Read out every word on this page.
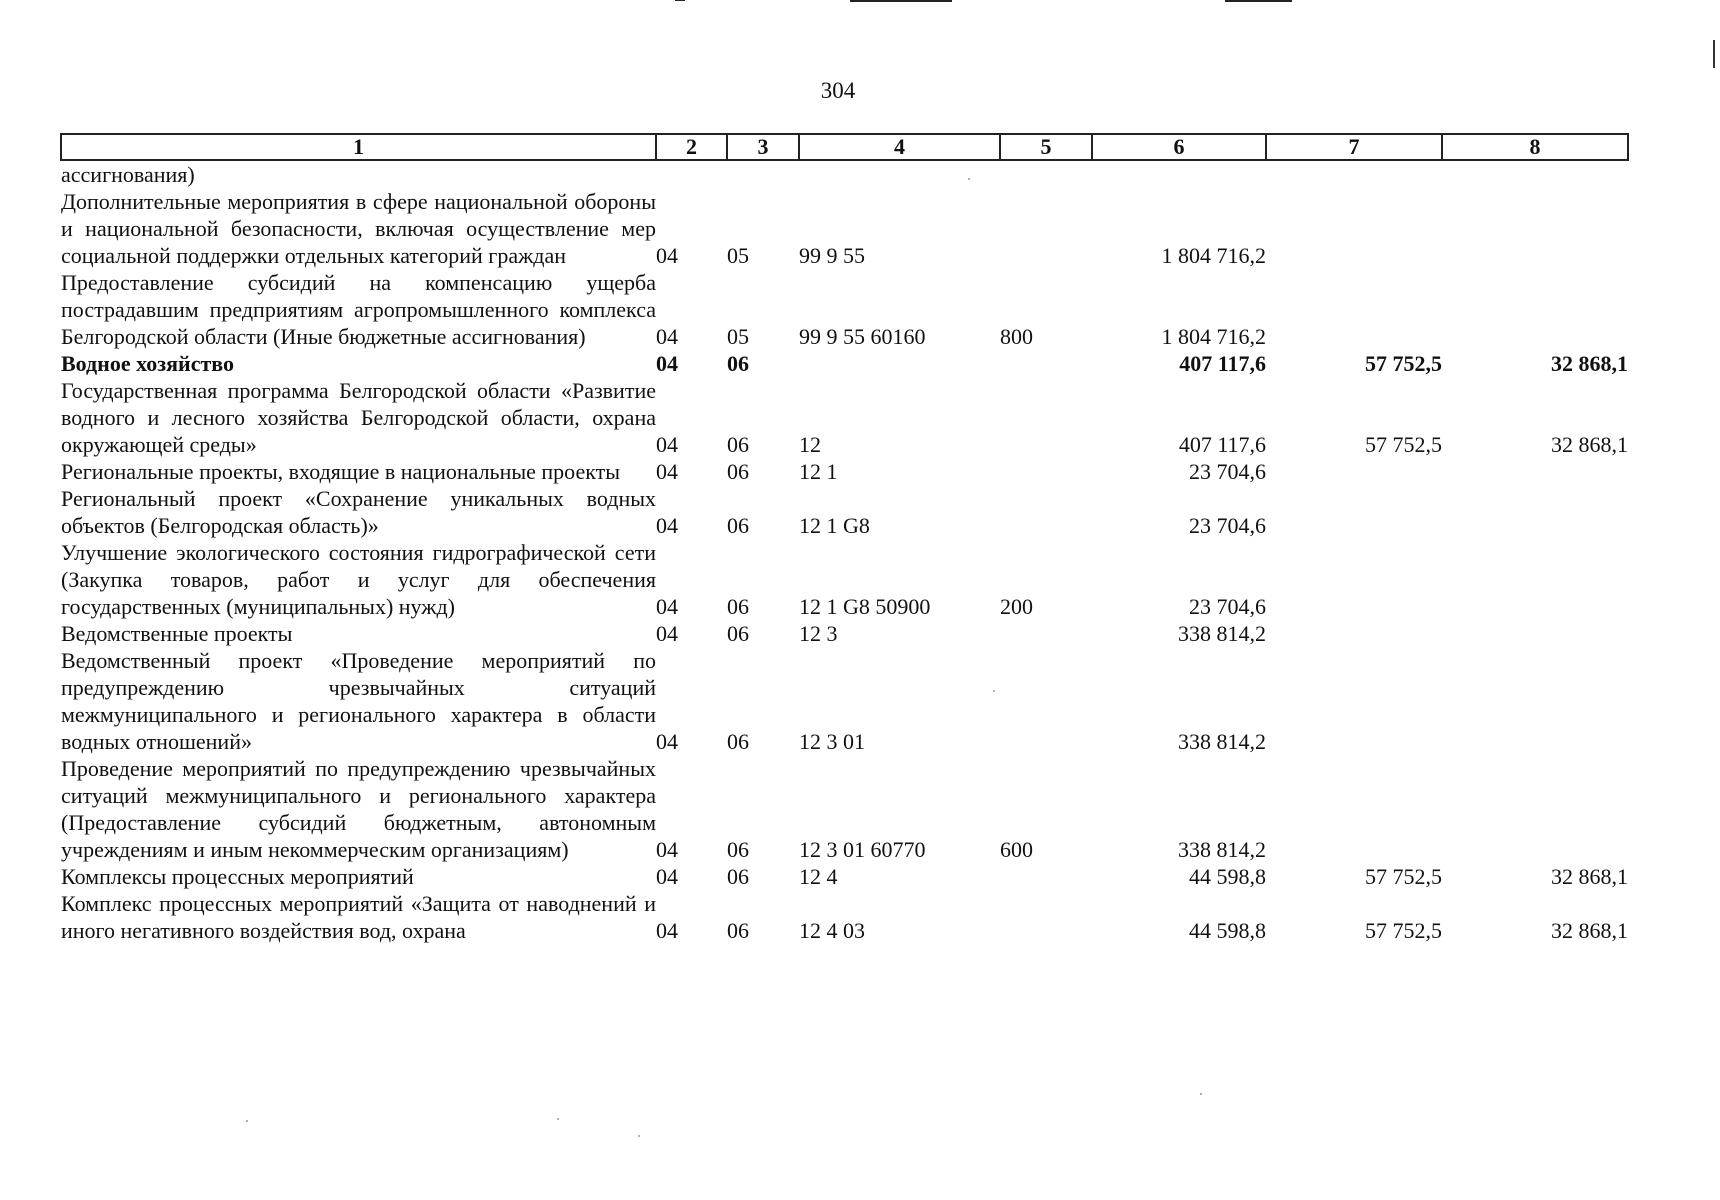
304
1	2	3	4	5	6	7	8
ассигнования)							
Дополнительные мероприятия в сфере национальной обороны и национальной безопасности, включая осуществление мер социальной поддержки отдельных категорий граждан	04	05	99 9 55		1 804 716,2		
Предоставление субсидий на компенсацию ущерба пострадавшим предприятиям агропромышленного комплекса Белгородской области (Иные бюджетные ассигнования)	04	05	99 9 55 60160	800	1 804 716,2		
Водное хозяйство	04	06			407 117,6	57 752,5	32 868,1
Государственная программа Белгородской области «Развитие водного и лесного хозяйства Белгородской области, охрана окружающей среды»	04	06	12		407 117,6	57 752,5	32 868,1
Региональные проекты, входящие в национальные проекты	04	06	12 1		23 704,6		
Региональный проект «Сохранение уникальных водных объектов (Белгородская область)»	04	06	12 1 G8		23 704,6		
Улучшение экологического состояния гидрографической сети (Закупка товаров, работ и услуг для обеспечения государственных (муниципальных) нужд)	04	06	12 1 G8 50900	200	23 704,6		
Ведомственные проекты	04	06	12 3		338 814,2		
Ведомственный проект «Проведение мероприятий по предупреждению чрезвычайных ситуаций межмуниципального и регионального характера в области водных отношений»	04	06	12 3 01		338 814,2		
Проведение мероприятий по предупреждению чрезвычайных ситуаций межмуниципального и регионального характера (Предоставление субсидий бюджетным, автономным учреждениям и иным некоммерческим организациям)	04	06	12 3 01 60770	600	338 814,2		
Комплексы процессных мероприятий	04	06	12 4		44 598,8	57 752,5	32 868,1
Комплекс процессных мероприятий «Защита от наводнений и иного негативного воздействия вод, охрана	04	06	12 4 03		44 598,8	57 752,5	32 868,1
